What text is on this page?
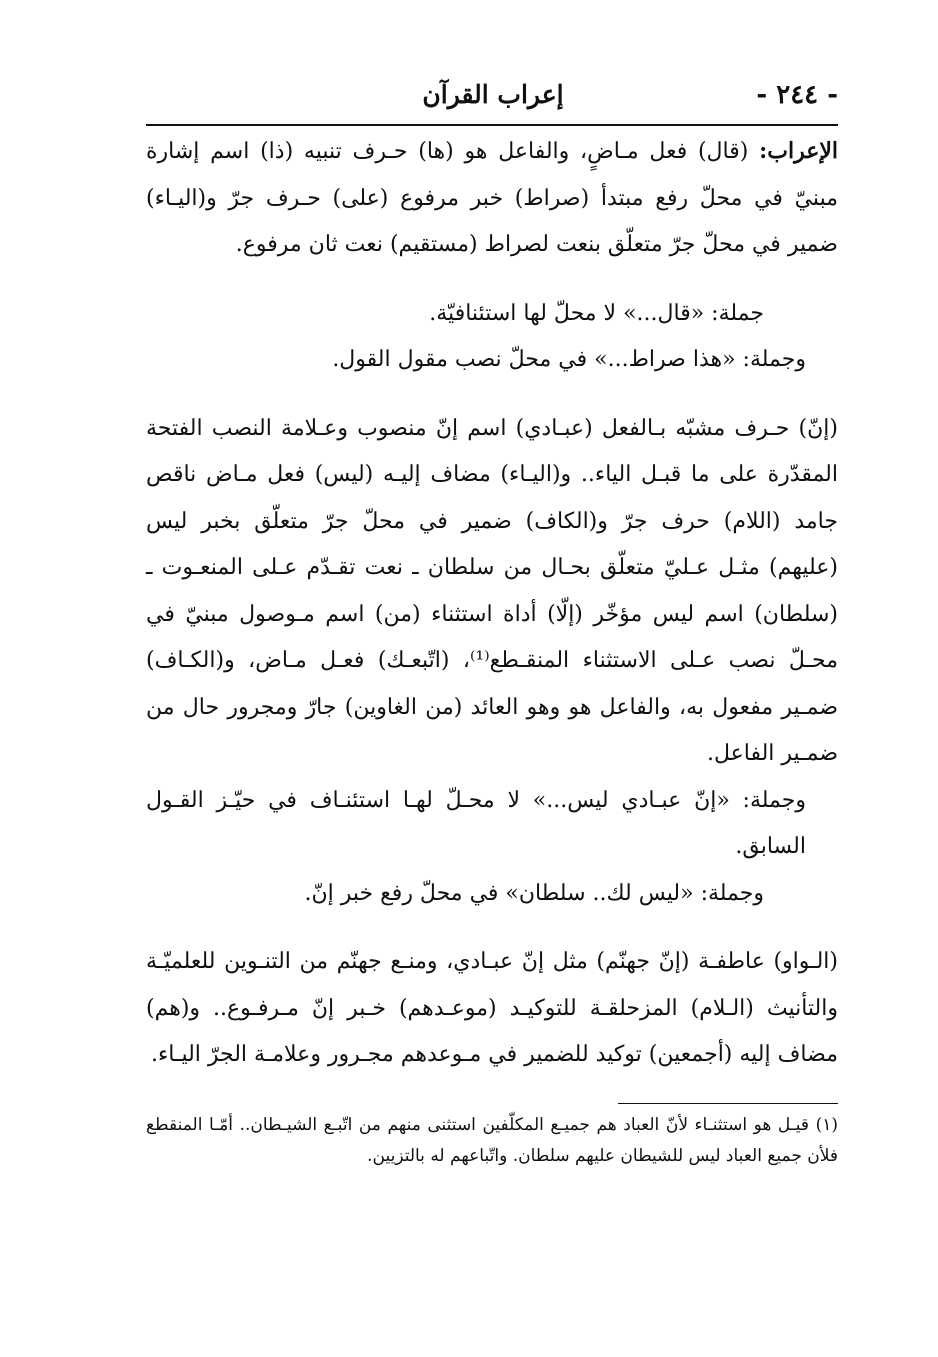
- ٢٤٤ -
إعراب القرآن

الإعراب: (قال) فعل مـاضٍ، والفاعل هو (ها) حـرف تنبيه (ذا) اسم إشارة مبنيّ في محلّ رفع مبتدأ (صراط) خبر مرفوع (على) حـرف جرّ و(اليـاء) ضمير في محلّ جرّ متعلّق بنعت لصراط (مستقيم) نعت ثان مرفوع.

جملة: «قال...» لا محلّ لها استئنافيّة.

وجملة: «هذا صراط...» في محلّ نصب مقول القول.

(إنّ) حـرف مشبّه بـالفعل (عبـادي) اسم إنّ منصوب وعـلامة النصب الفتحة المقدّرة على ما قبـل الياء.. و(اليـاء) مضاف إليـه (ليس) فعل مـاض ناقص جامد (اللام) حرف جرّ و(الكاف) ضمير في محلّ جرّ متعلّق بخبر ليس (عليهم) مثـل عـليّ متعلّق بحـال من سلطان ـ نعت تقـدّم عـلى المنعـوت ـ (سلطان) اسم ليس مؤخّر (إلّا) أداة استثناء (من) اسم مـوصول مبنيّ في محـلّ نصب عـلى الاستثناء المنقـطع⁽¹⁾، (اتّبعـك) فعـل مـاض، و(الكـاف) ضمـير مفعول به، والفاعل هو وهو العائد (من الغاوين) جارّ ومجرور حال من ضمـير الفاعل.

وجملة: «إنّ عبـادي ليس...» لا محـلّ لهـا استئنـاف في حيّـز القـول السابق.

وجملة: «ليس لك.. سلطان» في محلّ رفع خبر إنّ.

(الـواو) عاطفـة (إنّ جهنّم) مثل إنّ عبـادي، ومنـع جهنّم من التنـوين للعلميّـة والتأنيث (الـلام) المزحلقـة للتوكيـد (موعـدهم) خـبر إنّ مـرفـوع.. و(هم) مضاف إليه (أجمعين) توكيد للضمير في مـوعدهم مجـرور وعلامـة الجرّ اليـاء.

(١) قيـل هو استثنـاء لأنّ العباد هم جميـع المكلّفين استثنى منهم من اتّبـع الشيـطان.. أمّـا المنقطع فلأن جميع العباد ليس للشيطان عليهم سلطان. واتّباعهم له بالتزيين.
